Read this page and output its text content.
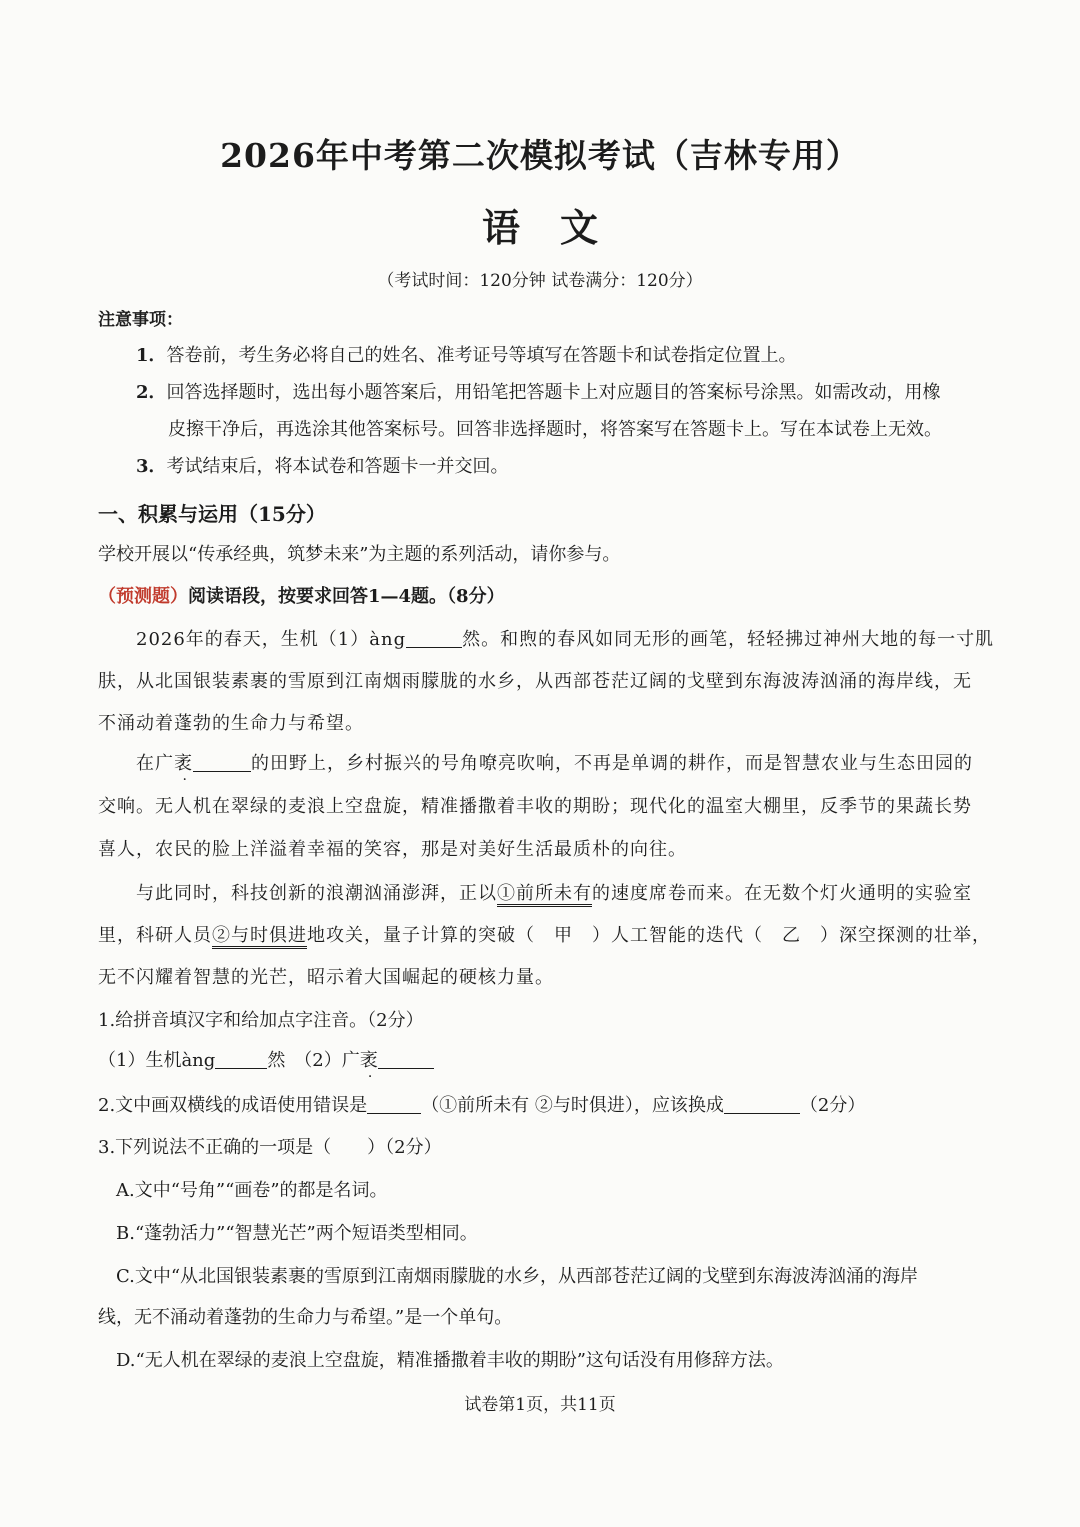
2026年中考第二次模拟考试（吉林专用）
语文
（考试时间：120分钟 试卷满分：120分）
注意事项：
1．答卷前，考生务必将自己的姓名、准考证号等填写在答题卡和试卷指定位置上。
2．回答选择题时，选出每小题答案后，用铅笔把答题卡上对应题目的答案标号涂黑。如需改动，用橡
皮擦干净后，再选涂其他答案标号。回答非选择题时，将答案写在答题卡上。写在本试卷上无效。
3．考试结束后，将本试卷和答题卡一并交回。
一、积累与运用（15分）
学校开展以“传承经典，筑梦未来”为主题的系列活动，请你参与。
（预测题）阅读语段，按要求回答1—4题。（8分）
2026年的春天，生机（1）àng	然。和煦的春风如同无形的画笔，轻轻拂过神州大地的每一寸肌
肤，从北国银装素裹的雪原到江南烟雨朦胧的水乡，从西部苍茫辽阔的戈壁到东海波涛汹涌的海岸线，无
不涌动着蓬勃的生命力与希望。
在广袤	的田野上，乡村振兴的号角嘹亮吹响，不再是单调的耕作，而是智慧农业与生态田园的
交响。无人机在翠绿的麦浪上空盘旋，精准播撒着丰收的期盼；现代化的温室大棚里，反季节的果蔬长势
喜人，农民的脸上洋溢着幸福的笑容，那是对美好生活最质朴的向往。
与此同时，科技创新的浪潮汹涌澎湃，正以①前所未有的速度席卷而来。在无数个灯火通明的实验室
里，科研人员②与时俱进地攻关，量子计算的突破（　甲　）人工智能的迭代（　乙　）深空探测的壮举，
无不闪耀着智慧的光芒，昭示着大国崛起的硬核力量。
1.给拼音填汉字和给加点字注音。（2分）
（1）生机àng	然　（2）广袤
2.文中画双横线的成语使用错误是	（①前所未有 ②与时俱进），应该换成	（2分）
3.下列说法不正确的一项是（　　）（2分）
A.文中“号角”“画卷”的都是名词。
B.“蓬勃活力”“智慧光芒”两个短语类型相同。
C.文中“从北国银装素裹的雪原到江南烟雨朦胧的水乡，从西部苍茫辽阔的戈壁到东海波涛汹涌的海岸
线，无不涌动着蓬勃的生命力与希望。”是一个单句。
D.“无人机在翠绿的麦浪上空盘旋，精准播撒着丰收的期盼”这句话没有用修辞方法。
试卷第1页，共11页
